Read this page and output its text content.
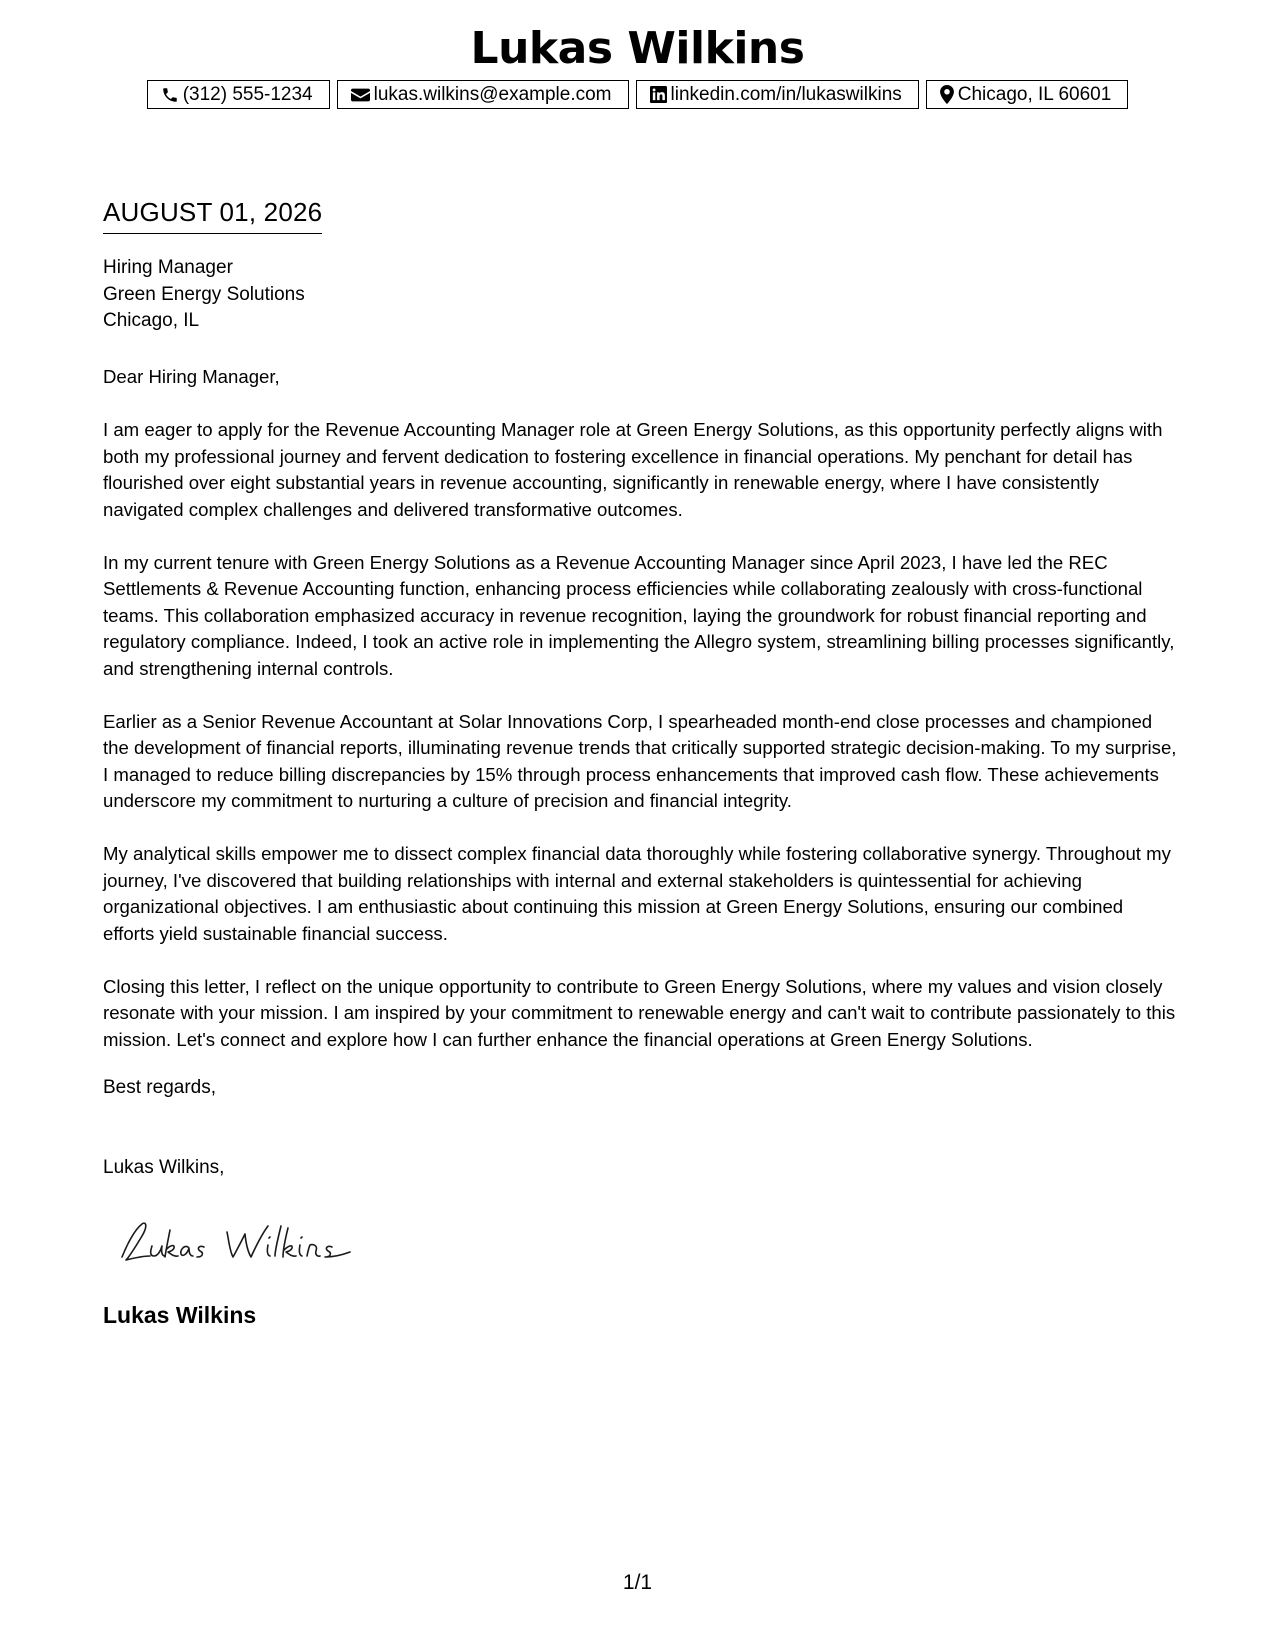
Lukas Wilkins
(312) 555-1234	lukas.wilkins@example.com	linkedin.com/in/lukaswilkins	Chicago, IL 60601
AUGUST 01, 2026
Hiring Manager
Green Energy Solutions
Chicago, IL

Dear Hiring Manager,

I am eager to apply for the Revenue Accounting Manager role at Green Energy Solutions, as this opportunity perfectly aligns with both my professional journey and fervent dedication to fostering excellence in financial operations. My penchant for detail has flourished over eight substantial years in revenue accounting, significantly in renewable energy, where I have consistently navigated complex challenges and delivered transformative outcomes.

In my current tenure with Green Energy Solutions as a Revenue Accounting Manager since April 2023, I have led the REC Settlements & Revenue Accounting function, enhancing process efficiencies while collaborating zealously with cross-functional teams. This collaboration emphasized accuracy in revenue recognition, laying the groundwork for robust financial reporting and regulatory compliance. Indeed, I took an active role in implementing the Allegro system, streamlining billing processes significantly, and strengthening internal controls.

Earlier as a Senior Revenue Accountant at Solar Innovations Corp, I spearheaded month-end close processes and championed the development of financial reports, illuminating revenue trends that critically supported strategic decision-making. To my surprise, I managed to reduce billing discrepancies by 15% through process enhancements that improved cash flow. These achievements underscore my commitment to nurturing a culture of precision and financial integrity.

My analytical skills empower me to dissect complex financial data thoroughly while fostering collaborative synergy. Throughout my journey, I've discovered that building relationships with internal and external stakeholders is quintessential for achieving organizational objectives. I am enthusiastic about continuing this mission at Green Energy Solutions, ensuring our combined efforts yield sustainable financial success.

Closing this letter, I reflect on the unique opportunity to contribute to Green Energy Solutions, where my values and vision closely resonate with your mission. I am inspired by your commitment to renewable energy and can't wait to contribute passionately to this mission. Let's connect and explore how I can further enhance the financial operations at Green Energy Solutions.

Best regards,
Lukas Wilkins,
Lukas Wilkins
1/1
